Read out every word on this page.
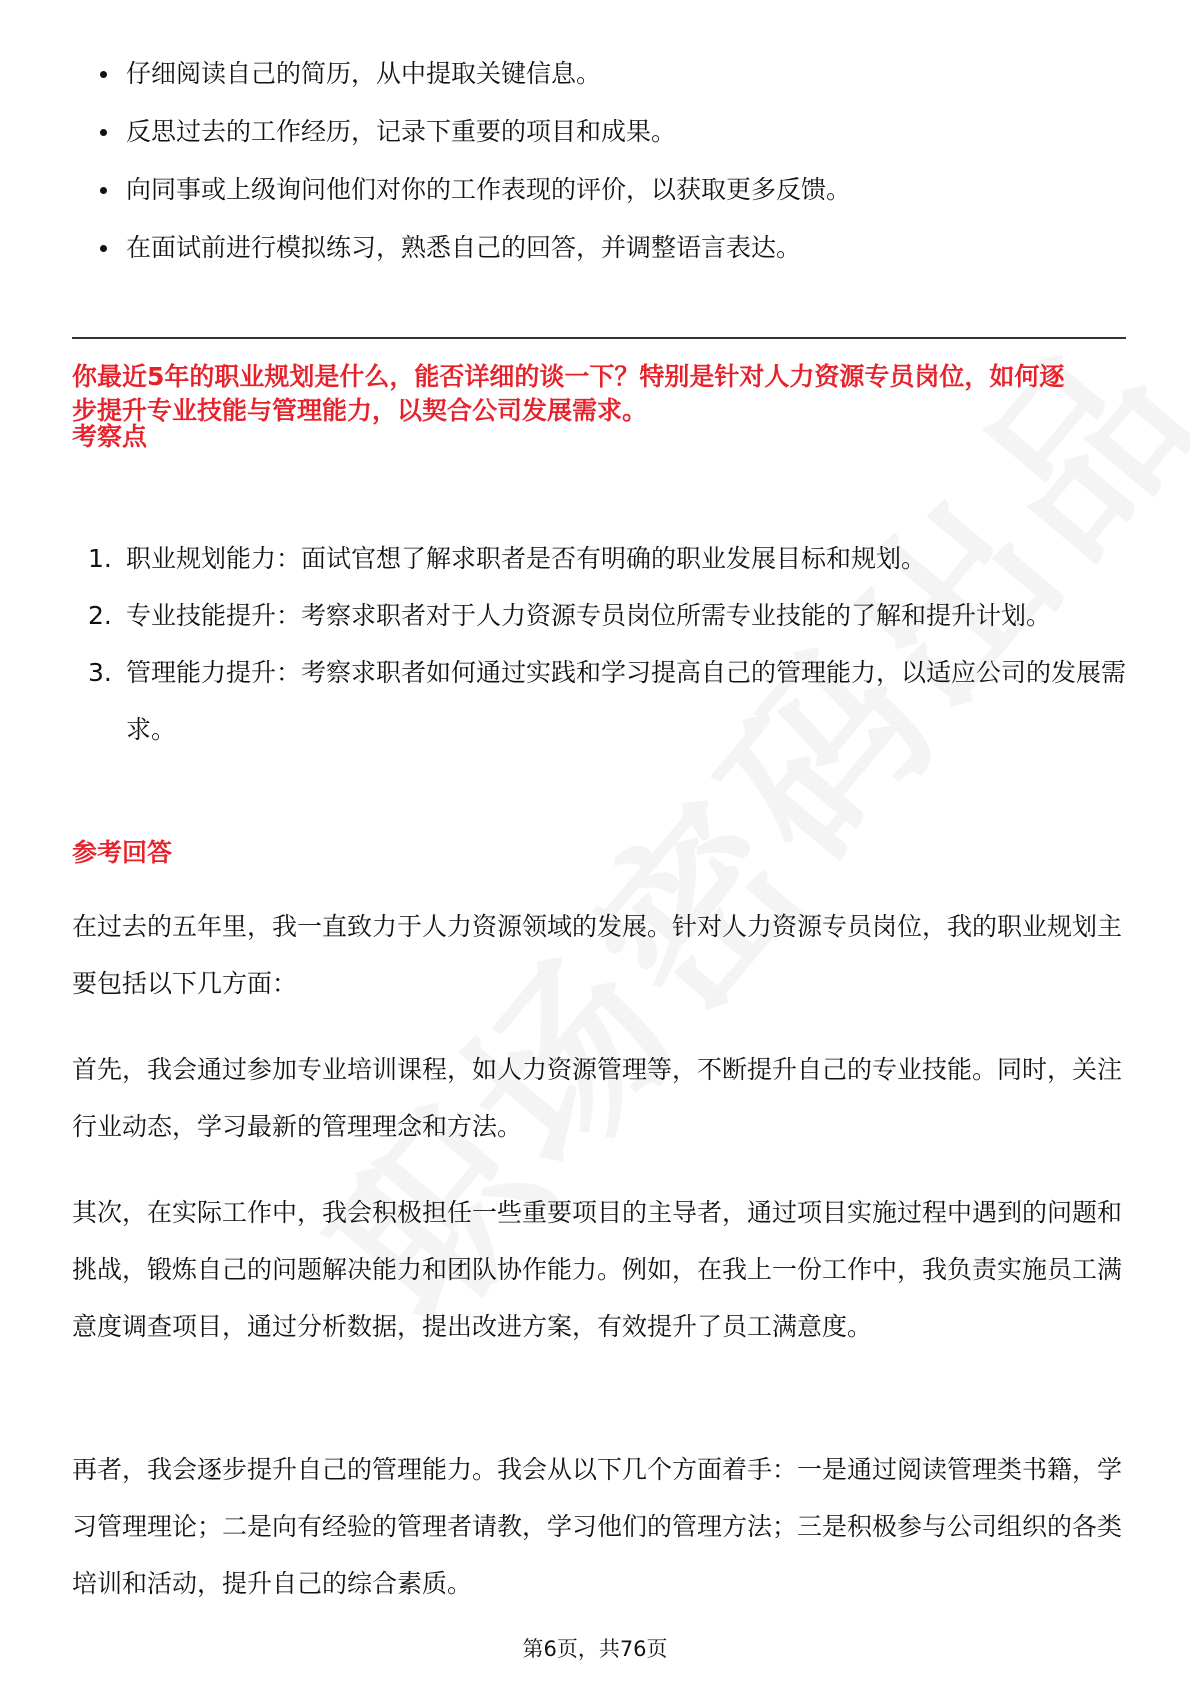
仔细阅读自己的简历，从中提取关键信息。
反思过去的工作经历，记录下重要的项目和成果。
向同事或上级询问他们对你的工作表现的评价，以获取更多反馈。
在面试前进行模拟练习，熟悉自己的回答，并调整语言表达。

你最近5年的职业规划是什么，能否详细的谈一下？特别是针对人力资源专员岗位，如何逐步提升专业技能与管理能力，以契合公司发展需求。

考察点

1. 职业规划能力：面试官想了解求职者是否有明确的职业发展目标和规划。
2. 专业技能提升：考察求职者对于人力资源专员岗位所需专业技能的了解和提升计划。
3. 管理能力提升：考察求职者如何通过实践和学习提高自己的管理能力，以适应公司的发展需求。

参考回答

在过去的五年里，我一直致力于人力资源领域的发展。针对人力资源专员岗位，我的职业规划主要包括以下几方面：

首先，我会通过参加专业培训课程，如人力资源管理等，不断提升自己的专业技能。同时，关注行业动态，学习最新的管理理念和方法。

其次，在实际工作中，我会积极担任一些重要项目的主导者，通过项目实施过程中遇到的问题和挑战，锻炼自己的问题解决能力和团队协作能力。例如，在我上一份工作中，我负责实施员工满意度调查项目，通过分析数据，提出改进方案，有效提升了员工满意度。

再者，我会逐步提升自己的管理能力。我会从以下几个方面着手：一是通过阅读管理类书籍，学习管理理论；二是向有经验的管理者请教，学习他们的管理方法；三是积极参与公司组织的各类培训和活动，提升自己的综合素质。

第6页，共76页
